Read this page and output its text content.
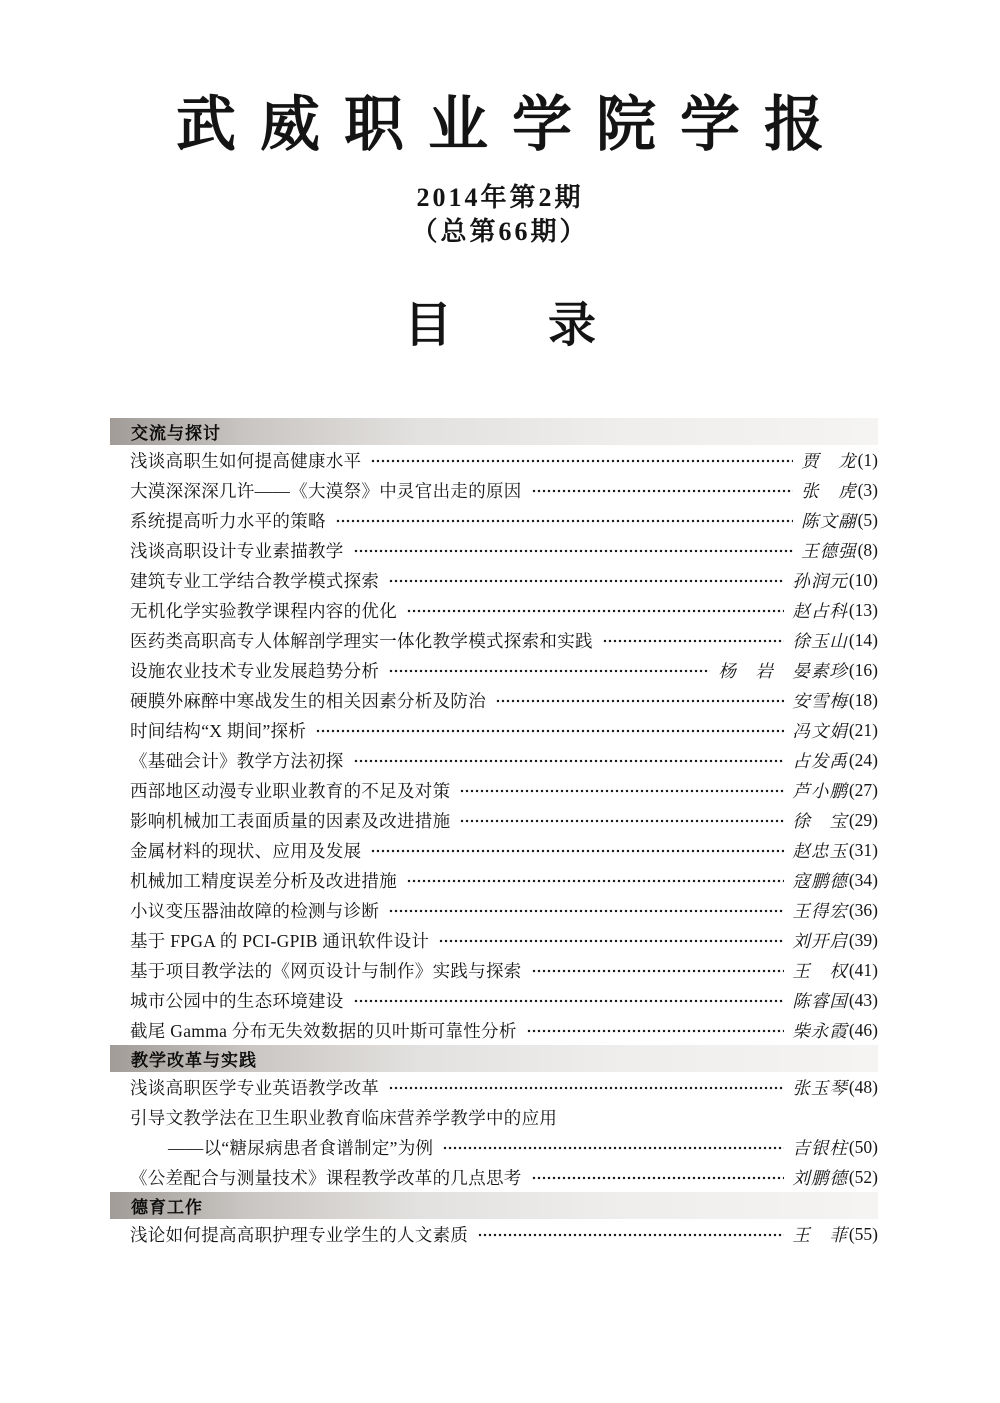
武威职业学院学报
2014年第2期
（总第66期）
目　　录
交流与探讨
浅谈高职生如何提高健康水平	贾　龙 (1)
大漠深深深几许——《大漠祭》中灵官出走的原因	张　虎 (3)
系统提高听力水平的策略	陈文翮 (5)
浅谈高职设计专业素描教学	王德强 (8)
建筑专业工学结合教学模式探索	孙润元 (10)
无机化学实验教学课程内容的优化	赵占科 (13)
医药类高职高专人体解剖学理实一体化教学模式探索和实践	徐玉山 (14)
设施农业技术专业发展趋势分析	杨　岩　晏素珍 (16)
硬膜外麻醉中寒战发生的相关因素分析及防治	安雪梅 (18)
时间结构“X 期间”探析	冯文娟 (21)
《基础会计》教学方法初探	占发禹 (24)
西部地区动漫专业职业教育的不足及对策	芦小鹏 (27)
影响机械加工表面质量的因素及改进措施	徐　宝 (29)
金属材料的现状、应用及发展	赵忠玉 (31)
机械加工精度误差分析及改进措施	寇鹏德 (34)
小议变压器油故障的检测与诊断	王得宏 (36)
基于 FPGA 的 PCI-GPIB 通讯软件设计	刘开启 (39)
基于项目教学法的《网页设计与制作》实践与探索	王　权 (41)
城市公园中的生态环境建设	陈睿国 (43)
截尾 Gamma 分布无失效数据的贝叶斯可靠性分析	柴永霞 (46)
教学改革与实践
浅谈高职医学专业英语教学改革	张玉琴 (48)
引导文教学法在卫生职业教育临床营养学教学中的应用
——以“糖尿病患者食谱制定”为例	吉银柱 (50)
《公差配合与测量技术》课程教学改革的几点思考	刘鹏德 (52)
德育工作
浅论如何提高高职护理专业学生的人文素质	王　菲 (55)
